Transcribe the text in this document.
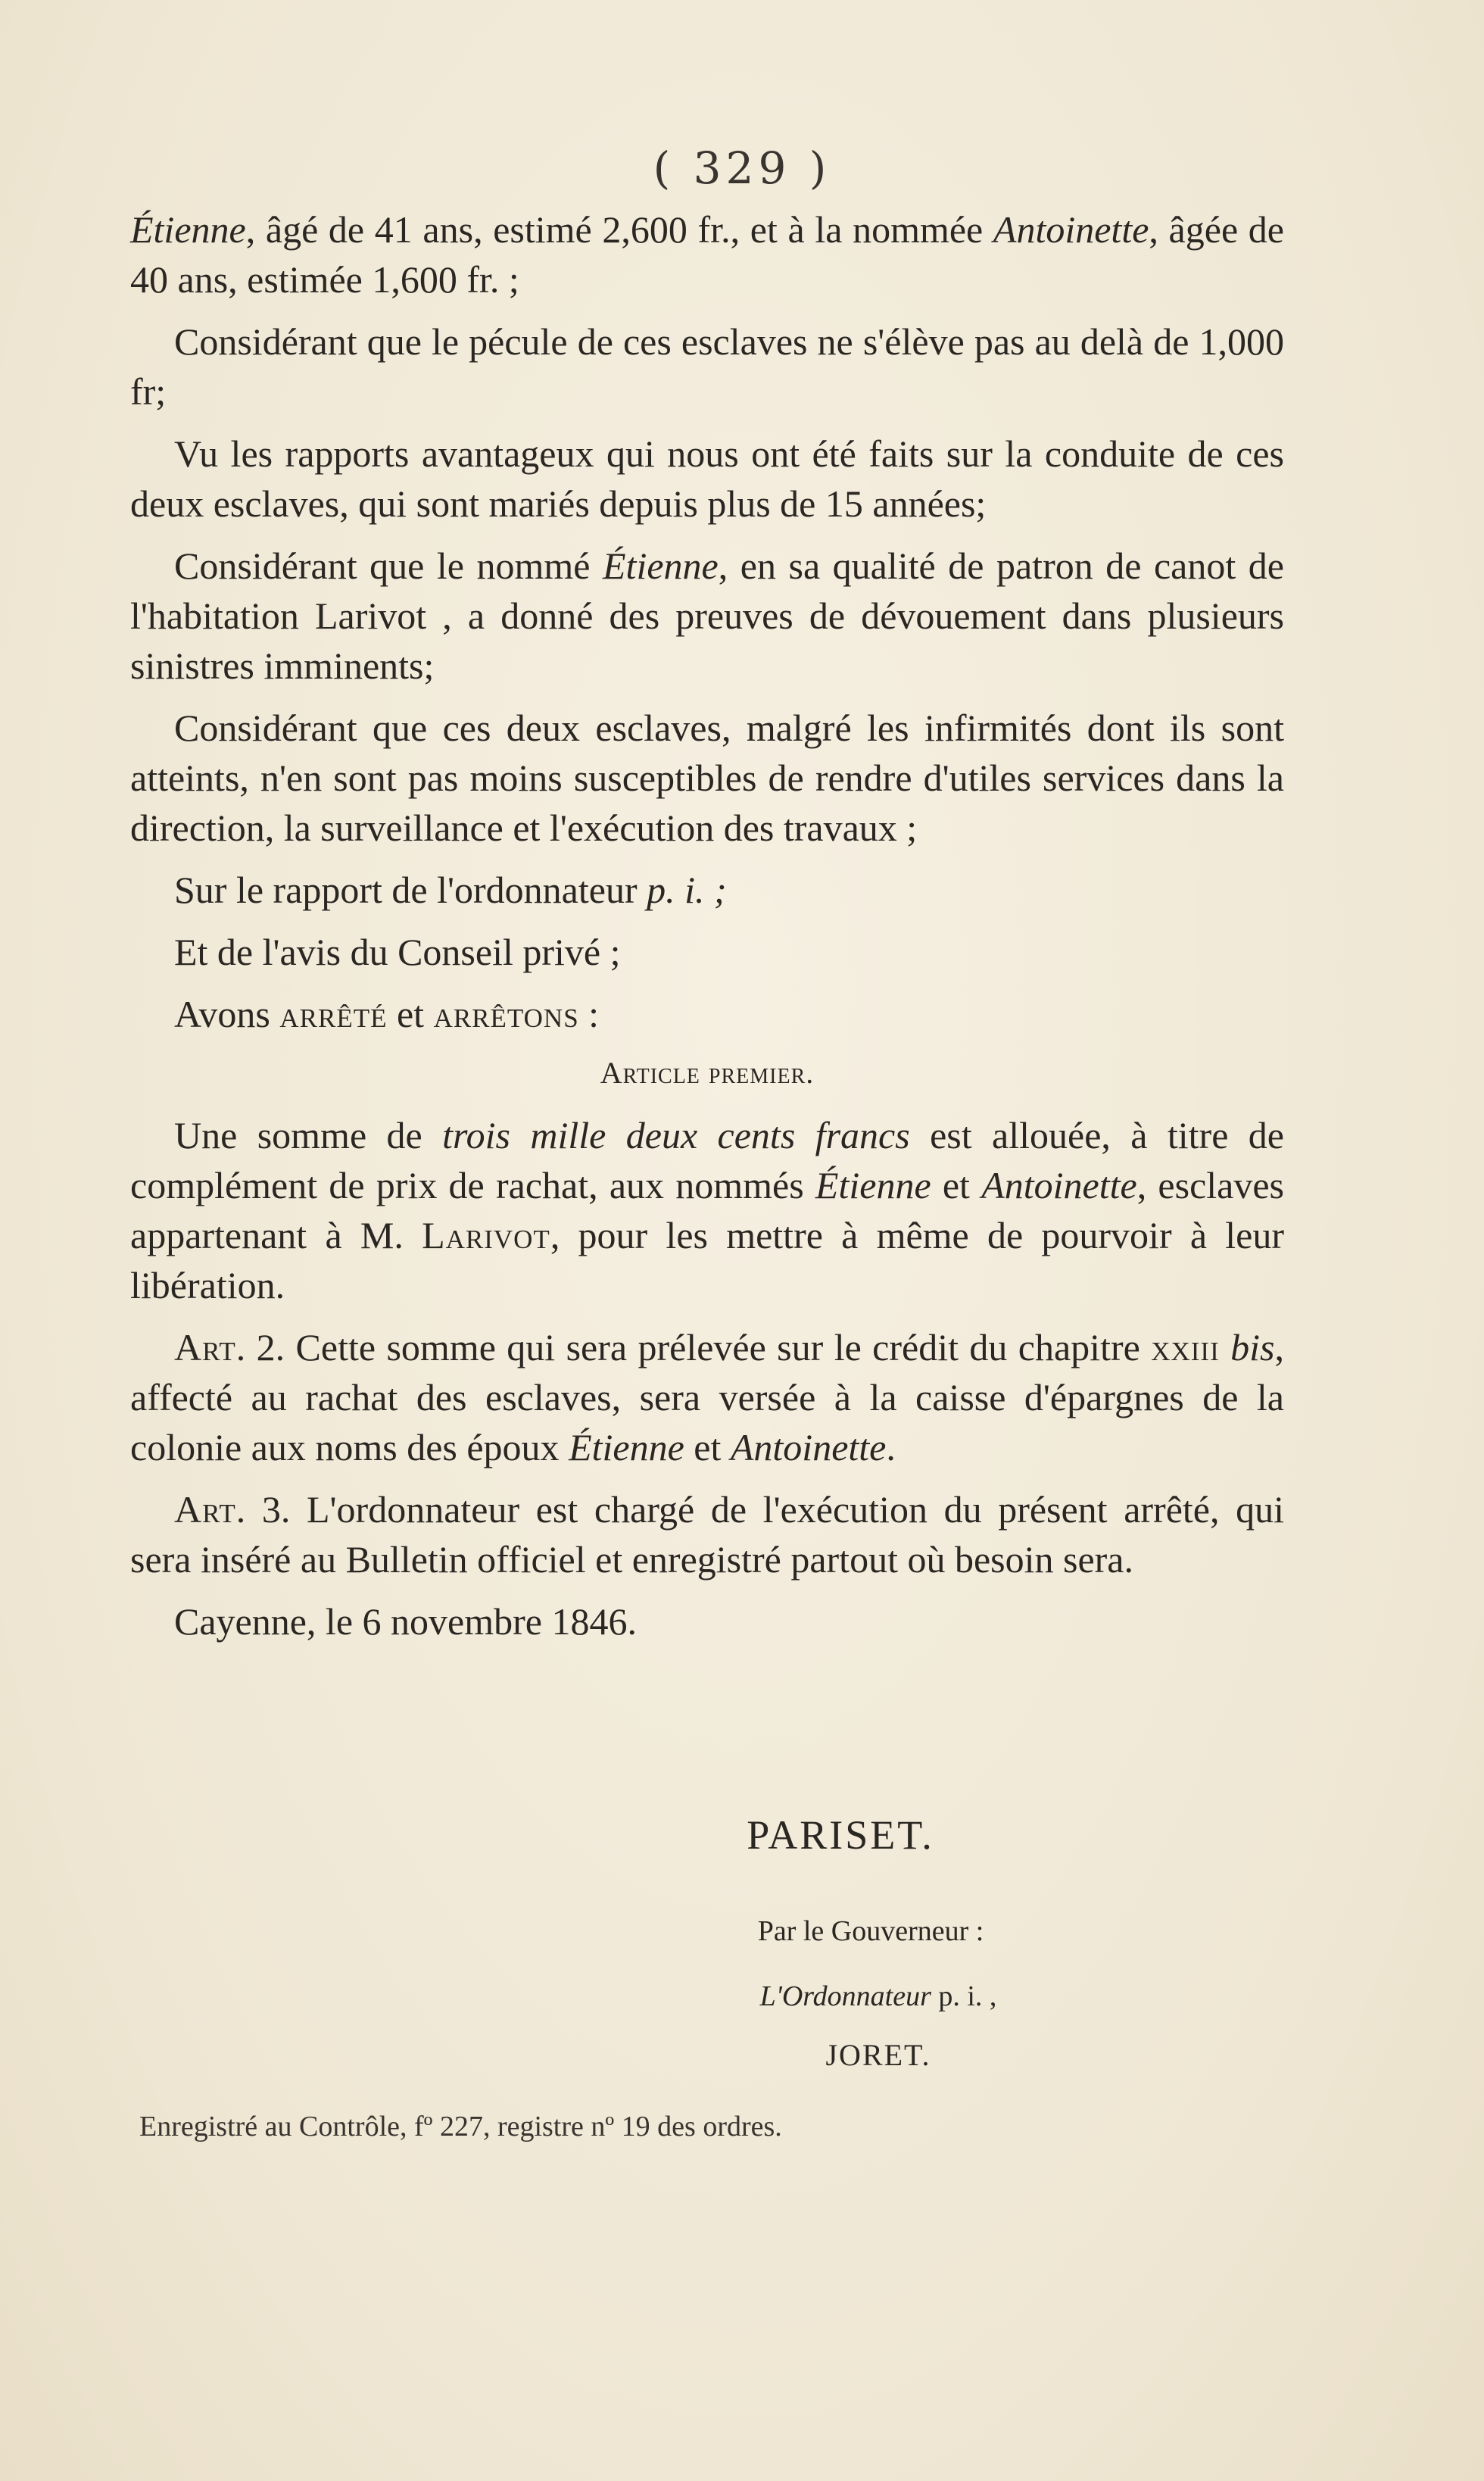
( 329 )

Étienne, âgé de 41 ans, estimé 2,600 fr., et à la nommée Antoinette, âgée de 40 ans, estimée 1,600 fr. ;

Considérant que le pécule de ces esclaves ne s'élève pas au delà de 1,000 fr;

Vu les rapports avantageux qui nous ont été faits sur la conduite de ces deux esclaves, qui sont mariés depuis plus de 15 années;

Considérant que le nommé Étienne, en sa qualité de patron de canot de l'habitation Larivot , a donné des preuves de dévouement dans plusieurs sinistres imminents;

Considérant que ces deux esclaves, malgré les infirmités dont ils sont atteints, n'en sont pas moins susceptibles de rendre d'utiles services dans la direction, la surveillance et l'exécution des travaux ;

Sur le rapport de l'ordonnateur p. i. ;

Et de l'avis du Conseil privé ;

Avons arrêté et arrêtons :

Article premier.

Une somme de trois mille deux cents francs est allouée, à titre de complément de prix de rachat, aux nommés Étienne et Antoinette, esclaves appartenant à M. Larivot, pour les mettre à même de pourvoir à leur libération.

Art. 2. Cette somme qui sera prélevée sur le crédit du chapitre xxiii bis, affecté au rachat des esclaves, sera versée à la caisse d'épargnes de la colonie aux noms des époux Étienne et Antoinette.

Art. 3. L'ordonnateur est chargé de l'exécution du présent arrêté, qui sera inséré au Bulletin officiel et enregistré partout où besoin sera.

Cayenne, le 6 novembre 1846.

PARISET.
Par le Gouverneur :
L'Ordonnateur p. i. ,
JORET.
Enregistré au Contrôle, fº 227, registre nº 19 des ordres.
